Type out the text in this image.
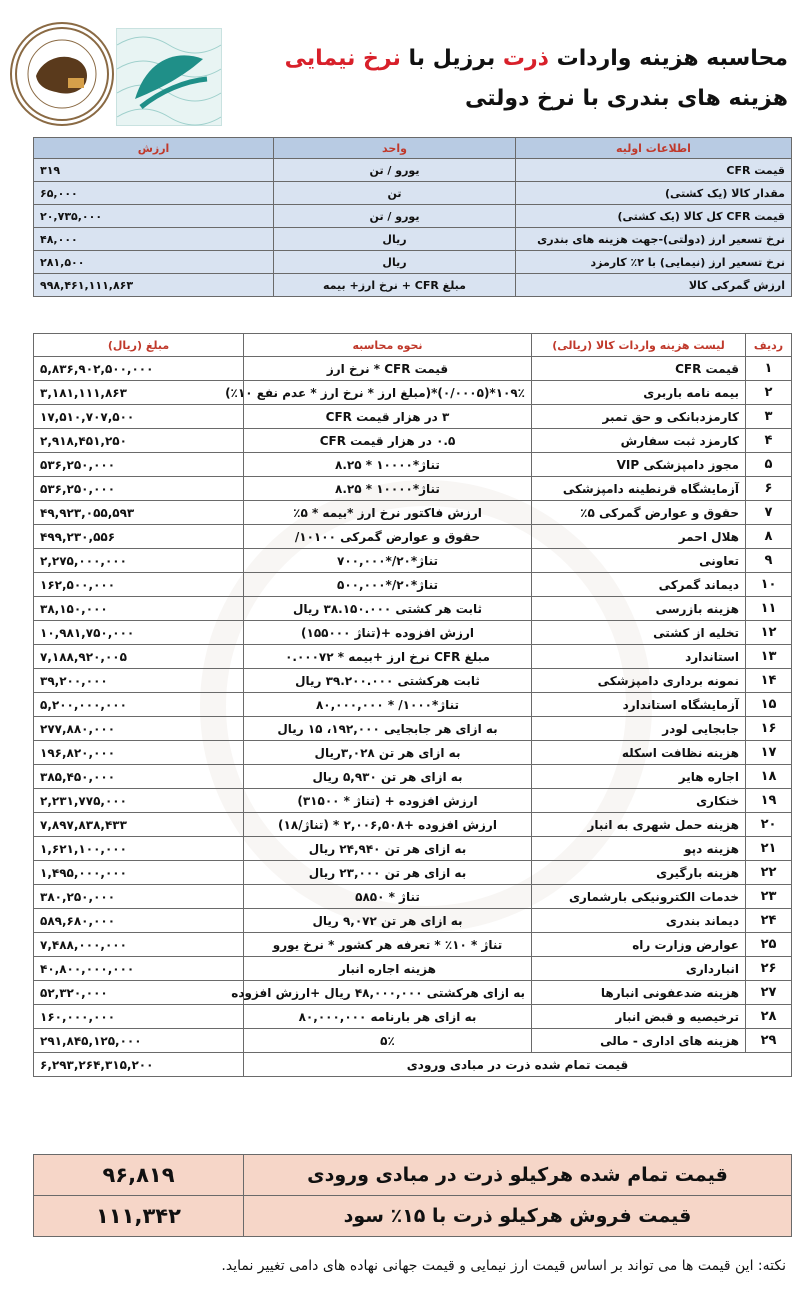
محاسبه هزینه واردات ذرت برزیل با نرخ نیمایی
هزینه های بندری با نرخ دولتی
اطلاعات اولیه	واحد	ارزش
قیمت CFR	یورو / تن	۳۱۹
مقدار کالا (یک کشتی)	تن	۶۵,۰۰۰
قیمت CFR کل کالا (یک کشتی)	یورو / تن	۲۰,۷۳۵,۰۰۰
نرخ تسعیر ارز (دولتی)-جهت هزینه های بندری	ریال	۴۸,۰۰۰
نرخ تسعیر ارز (نیمایی) با ۲٪ کارمزد	ریال	۲۸۱,۵۰۰
ارزش گمرکی کالا	مبلغ CFR + نرخ ارز+ بیمه	۹۹۸,۴۶۱,۱۱۱,۸۶۳
ردیف	لیست هزینه واردات کالا (ریالی)	نحوه محاسبه	مبلغ (ریال)
۱	قیمت CFR	قیمت CFR * نرخ ارز	۵,۸۳۶,۹۰۲,۵۰۰,۰۰۰
۲	بیمه نامه باربری	۱۰۹٪*(۰/۰۰۰۵)*(مبلغ ارز * نرخ ارز * عدم نفع ۱۰٪)	۳,۱۸۱,۱۱۱,۸۶۳
۳	کارمزدبانکی و حق تمبر	۳ در هزار قیمت CFR	۱۷,۵۱۰,۷۰۷,۵۰۰
۴	کارمزد ثبت سفارش	۰.۵ در هزار قیمت CFR	۲,۹۱۸,۴۵۱,۲۵۰
۵	مجوز دامپزشکی VIP	تناژ*۱۰۰۰۰ * ۸.۲۵	۵۳۶,۲۵۰,۰۰۰
۶	آزمایشگاه قرنطینه دامپزشکی	تناژ*۱۰۰۰۰ * ۸.۲۵	۵۳۶,۲۵۰,۰۰۰
۷	حقوق و عوارض گمرکی ۵٪	ارزش فاکتور نرخ ارز *بیمه * ۵٪	۴۹,۹۲۳,۰۵۵,۵۹۳
۸	هلال احمر	حقوق و عوارض گمرکی ۱۰۱۰۰/	۴۹۹,۲۳۰,۵۵۶
۹	تعاونی	تناژ*۲۰/*۷۰۰,۰۰۰	۲,۲۷۵,۰۰۰,۰۰۰
۱۰	دیماند گمرکی	تناژ*۲۰/*۵۰۰,۰۰۰	۱۶۲,۵۰۰,۰۰۰
۱۱	هزینه بازرسی	ثابت هر کشتی ۳۸.۱۵۰.۰۰۰ ریال	۳۸,۱۵۰,۰۰۰
۱۲	تخلیه از کشتی	ارزش افزوده +(تناژ ۱۵۵۰۰۰)	۱۰,۹۸۱,۷۵۰,۰۰۰
۱۳	استاندارد	مبلغ CFR نرخ ارز +بیمه * ۰.۰۰۰۷۲	۷,۱۸۸,۹۲۰,۰۰۵
۱۴	نمونه برداری دامپزشکی	ثابت هرکشتی ۳۹.۲۰۰.۰۰۰ ریال	۳۹,۲۰۰,۰۰۰
۱۵	آزمایشگاه استاندارد	تناژ*۱۰۰۰/ * ۸۰,۰۰۰,۰۰۰	۵,۲۰۰,۰۰۰,۰۰۰
۱۶	جابجایی لودر	به ازای هر جابجایی ۱۹۲,۰۰۰، ۱۵ ریال	۲۷۷,۸۸۰,۰۰۰
۱۷	هزینه نظافت اسکله	به ازای هر تن ۳,۰۲۸ریال	۱۹۶,۸۲۰,۰۰۰
۱۸	اجاره هایر	به ازای هر تن ۵,۹۳۰ ریال	۳۸۵,۴۵۰,۰۰۰
۱۹	خنکاری	ارزش افزوده + (تناژ * ۳۱۵۰۰)	۲,۲۳۱,۷۷۵,۰۰۰
۲۰	هزینه حمل شهری به انبار	ارزش افزوده +۲,۰۰۶,۵۰۸ * (تناژ/۱۸)	۷,۸۹۷,۸۳۸,۴۳۳
۲۱	هزینه دپو	به ازای هر تن ۲۴,۹۴۰ ریال	۱,۶۲۱,۱۰۰,۰۰۰
۲۲	هزینه بارگیری	به ازای هر تن ۲۳,۰۰۰ ریال	۱,۴۹۵,۰۰۰,۰۰۰
۲۳	خدمات الکترونیکی بارشماری	تناژ * ۵۸۵۰	۳۸۰,۲۵۰,۰۰۰
۲۴	دیماند بندری	به ازای هر تن ۹,۰۷۲ ریال	۵۸۹,۶۸۰,۰۰۰
۲۵	عوارض وزارت راه	تناژ * ۱۰٪ * تعرفه هر کشور * نرخ یورو	۷,۴۸۸,۰۰۰,۰۰۰
۲۶	انبارداری	هزینه اجاره انبار	۴۰,۸۰۰,۰۰۰,۰۰۰
۲۷	هزینه ضدعفونی انبارها	به ازای هرکشتی ۴۸,۰۰۰,۰۰۰ ریال +ارزش افزوده	۵۲,۳۲۰,۰۰۰
۲۸	ترخیصیه و قبض انبار	به ازای هر بارنامه ۸۰,۰۰۰,۰۰۰	۱۶۰,۰۰۰,۰۰۰
۲۹	هزینه های اداری - مالی	۵٪	۲۹۱,۸۴۵,۱۲۵,۰۰۰
قیمت تمام شده ذرت در مبادی ورودی			۶,۲۹۳,۲۶۴,۳۱۵,۲۰۰
قیمت تمام شده هرکیلو ذرت در مبادی ورودی	۹۶,۸۱۹
قیمت فروش هرکیلو ذرت با ۱۵٪ سود	۱۱۱,۳۴۲
نکته: این قیمت ها می تواند بر اساس قیمت ارز نیمایی و قیمت جهانی نهاده های دامی تغییر نماید.
